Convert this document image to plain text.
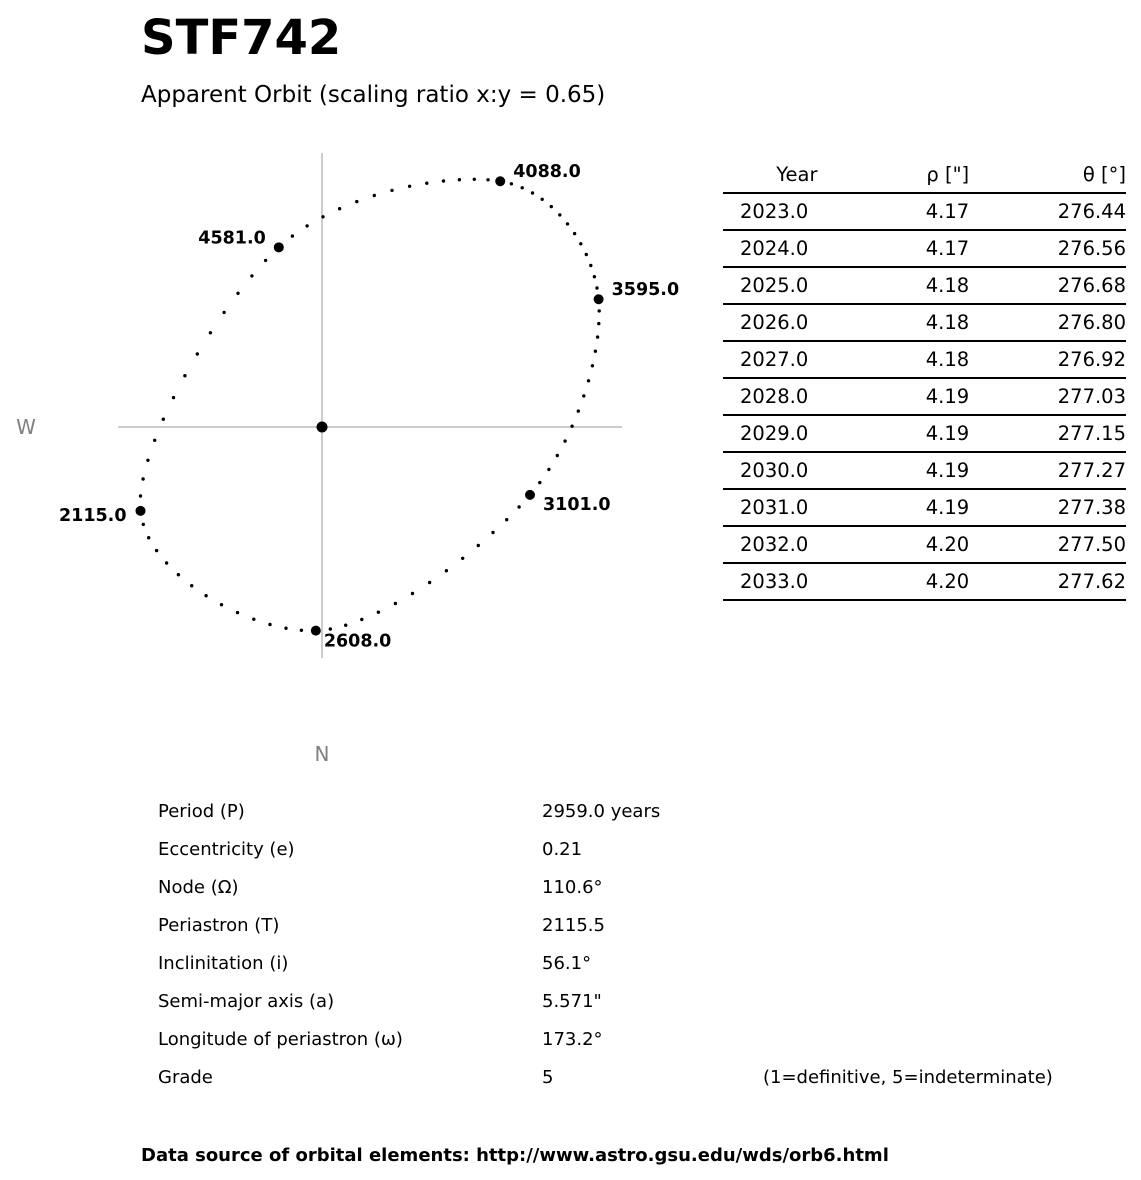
STF742
Apparent Orbit (scaling ratio x:y = 0.65)
2115.0
2608.0
3101.0
3595.0
4088.0
4581.0
W
N
Year	ρ ["]	θ [°]
2023.0	4.17	276.44
2024.0	4.17	276.56
2025.0	4.18	276.68
2026.0	4.18	276.80
2027.0	4.18	276.92
2028.0	4.19	277.03
2029.0	4.19	277.15
2030.0	4.19	277.27
2031.0	4.19	277.38
2032.0	4.20	277.50
2033.0	4.20	277.62
Period (P)	2959.0 years
Eccentricity (e)	0.21
Node (Ω)	110.6°
Periastron (T)	2115.5
Inclinitation (i)	56.1°
Semi-major axis (a)	5.571"
Longitude of periastron (ω)	173.2°
Grade	5	(1=definitive, 5=indeterminate)
Data source of orbital elements: http://www.astro.gsu.edu/wds/orb6.html
